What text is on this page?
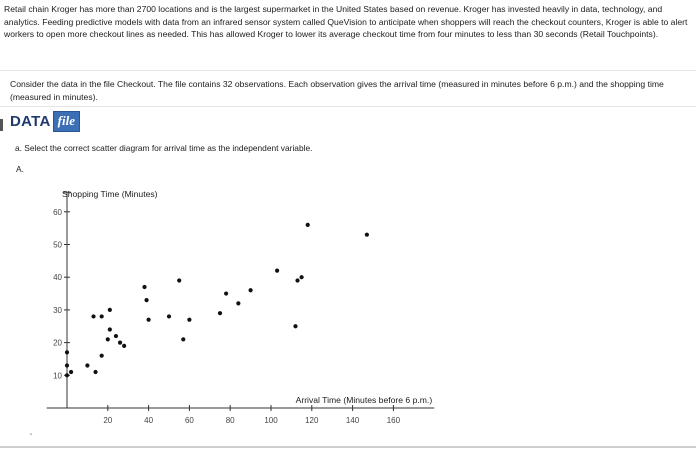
Retail chain Kroger has more than 2700 locations and is the largest supermarket in the United States based on revenue. Kroger has invested heavily in data, technology, and analytics. Feeding predictive models with data from an infrared sensor system called QueVision to anticipate when shoppers will reach the checkout counters, Kroger is able to alert workers to open more checkout lines as needed. This has allowed Kroger to lower its average checkout time from four minutes to less than 30 seconds (Retail Touchpoints).
Consider the data in the file Checkout. The file contains 32 observations. Each observation gives the arrival time (measured in minutes before 6 p.m.) and the shopping time (measured in minutes).
DATA file
a. Select the correct scatter diagram for arrival time as the independent variable.
A.
10
20
30
40
50
60
20	40	60	80	100	120	140	160
Shopping Time (Minutes)
Arrival Time (Minutes before 6 p.m.)
"
